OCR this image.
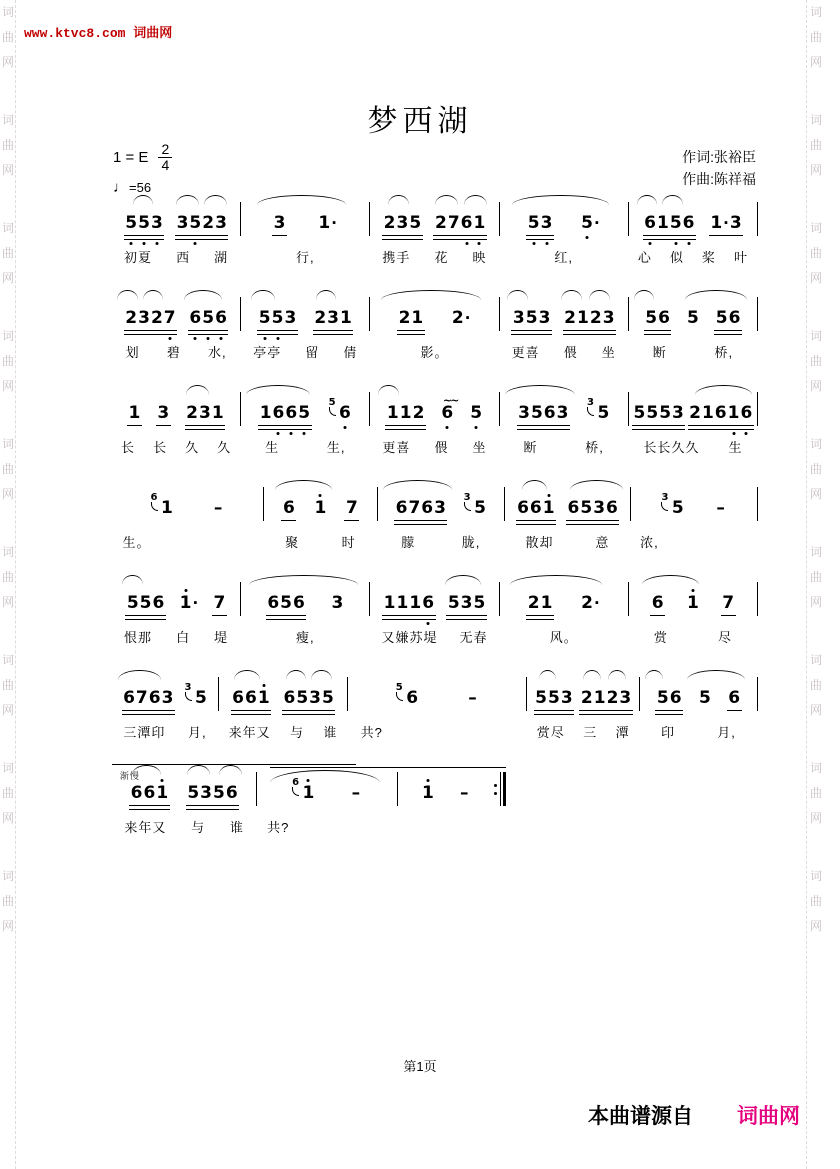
词
曲
网
词
曲
网
词
曲
网
词
曲
网
词
曲
网
词
曲
网
词
曲
网
词
曲
网
词
曲
网
词
曲
网
词
曲
网
词
曲
网
词
曲
网
词
曲
网
词
曲
网
词
曲
网
词
曲
网
词
曲
网
www.ktvc8.com 词曲网
梦西湖
1 = E $\frac{2}{4}$
♩=56
作词:张裕臣
作曲:陈祥福
5 5 3 3 5 2 3
初夏 西 湖
3 1 ·
行,
2 3 5 2 7 6 1
携手 花 映
5 3 5 ·
红,
6 1 5 6 1 · 3
心 似 桨 叶
2 3 2 7 6 5 6
划 碧 水,
5 5 3 2 3 1
亭亭 留 倩
2 1 2 ·
影。
3 5 3 2 1 2 3
更喜 偎 坐
5 6 5 5 6
断	桥,
1 3 2 3 1
长 长 久 久
1 6 6 5
5
6
生	生,
1 1 2 ~~ 6 5
更喜 偎 坐
3 5 6 3
3
5
断	桥,
5 5 5 3 2 1 6 1 6
长长久久 生
6
1 –
生。
6 1 7
聚	时
6 7 6 3
3
5
朦	胧,
6 6 1 6 5 3 6
散却	意
3
5 –
浓,
5 5 6 1 · 7
恨那 白 堤
6 5 6 3
瘦,
1 1 1 6 5 3 5
又嫌苏堤 无春
2 1 2 ·
风。
6 1 7
赏	尽
6 7 6 3
3
5
三潭印 月,
6 6 1 6 5 3 5
来年又 与 谁
5
6	–
共?
5 5 3 2 1 2 3
赏尽 三 潭
5 6 5 6
印	月,
渐慢
6 6 1 5 3 5 6
来年又 与 谁
6
1 –
共?
1 –
第1页
本曲谱源自 词曲网
